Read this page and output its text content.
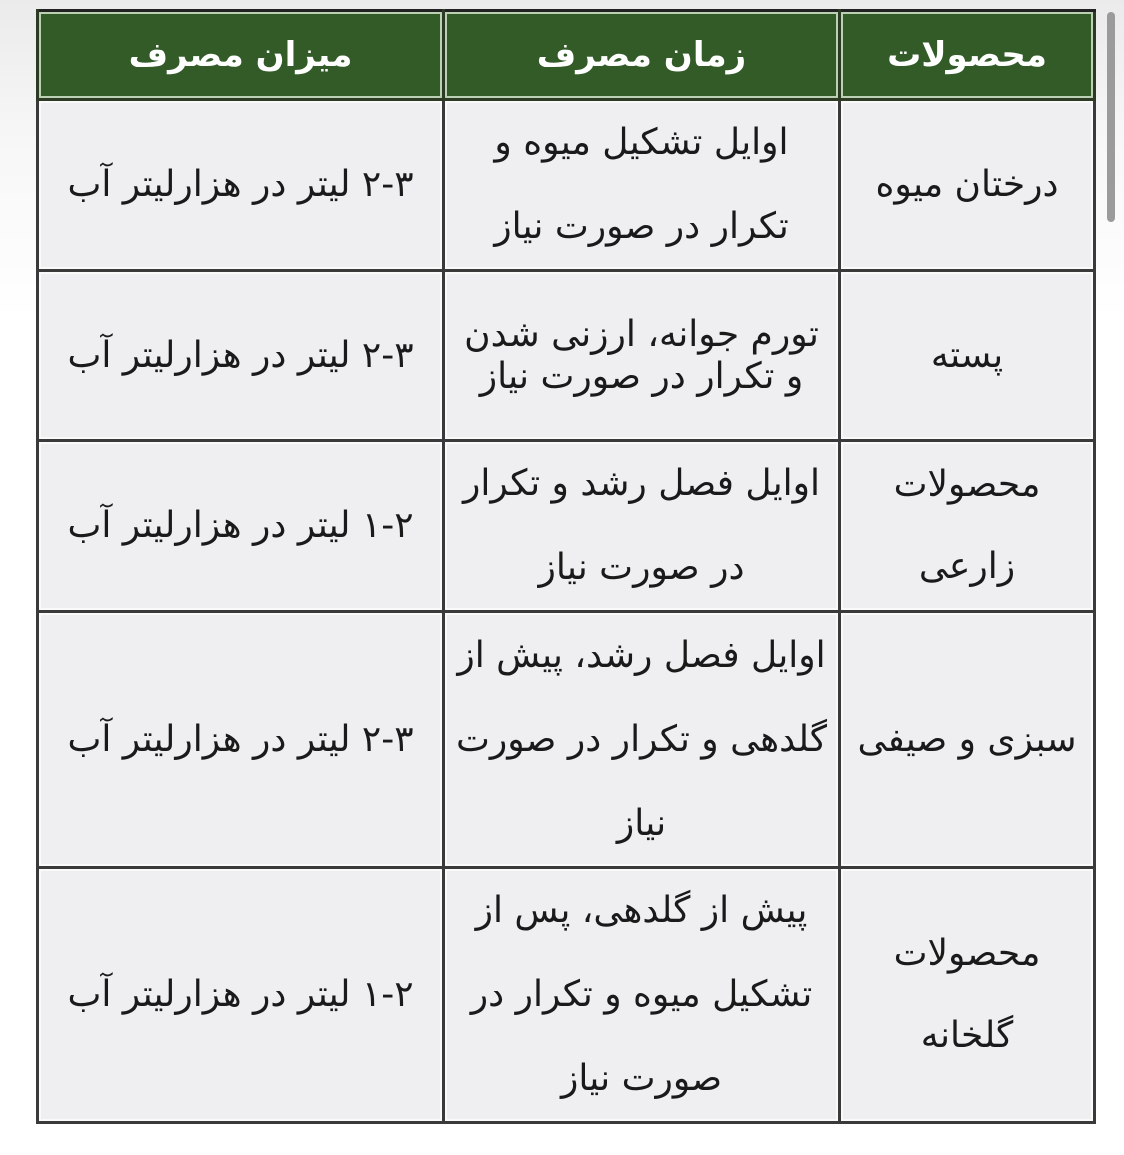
محصولات	زمان مصرف	میزان مصرف
درختان میوه	اوایل تشکیل میوه و تکرار در صورت نیاز	۲-۳ لیتر در هزارلیتر آب
پسته	تورم جوانه، ارزنی شدن و تکرار در صورت نیاز	۲-۳ لیتر در هزارلیتر آب
محصولات زارعی	اوایل فصل رشد و تکرار در صورت نیاز	۱-۲ لیتر در هزارلیتر آب
سبزی و صیفی	اوایل فصل رشد، پیش از گلدهی و تکرار در صورت نیاز	۲-۳ لیتر در هزارلیتر آب
محصولات گلخانه	پیش از گلدهی، پس از تشکیل میوه و تکرار در صورت نیاز	۱-۲ لیتر در هزارلیتر آب
